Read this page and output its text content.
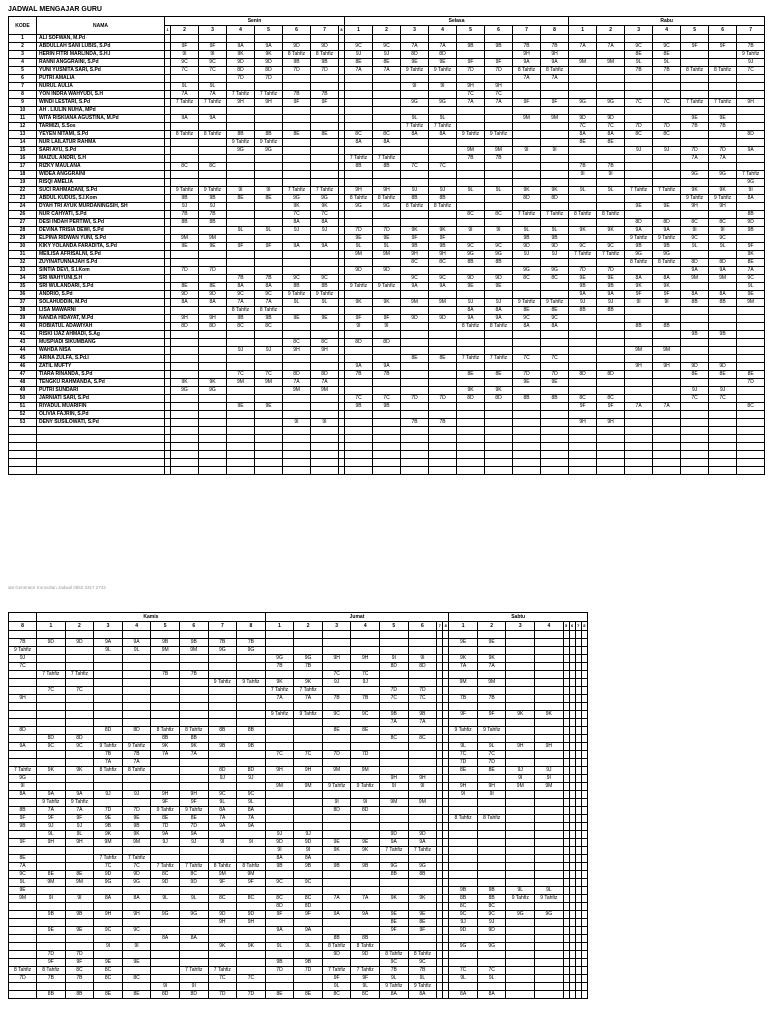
JADWAL MENGAJAR GURU
KODE	NAMA	Senin								Selasa								Rabu						
		1	2	3	4	5	6	7	8	1	2	3	4	5	6	7	8	1	2	3	4	5	6	7
1	ALI SOFWAN, M.Pd																							
2	ABDULLAH SANI LUBIS, S.Pd		9F	9F	9A	9A	9D	9D		9C	9C	7A	7A	9B	9B	7B	7B	7A	7A	9C	9C	9F	9F	7B
3	HERIN FITRI MARLINDA, S.H.I		9I	9I	9K	9K	8 Tahfiz	8 Tahfiz		9J	9J	8D	8D			9H	9H			8E	8E			9 Tahfiz
4	RANNI ANGGRAINI, S.Pd		9C	9C	9D	9D	9B	9B		8E	8E	9E	9E	9F	9F	9A	9A	9M	9M	9L	9L			9J
5	YUNI YUSNITA SARI, S.Pd		7C	7C	8D	8D	7D	7D		7A	7A	9 Tahfiz	9 Tahfiz	7D	7D	8 Tahfiz	8 Tahfiz			7B	7B	8 Tahfiz	8 Tahfiz	7C
6	PUTRI AMALIA				7D	7D										7A	7A							
7	NURUL AULIA		9L	9L								9I	9I	9H	9H									
8	YON INDRA WAHYUDI, S.H		7A	7A	7 Tahfiz	7 Tahfiz	7B	7B						7C	7C									
9	WINDI LESTARI, S.Pd		7 Tahfiz	7 Tahfiz	9H	9H	9F	9F				9G	9G	7A	7A	9F	9F	9G	9G	7C	7C	7 Tahfiz	7 Tahfiz	9H
10	AH . LIULIN NUHA, MPd																							
11	WITA RISKIANA AGUSTINA, M.Pd		9A	9A								9L	9L			9M	9M	9D	9D			9E	9E	
12	TARMIZI, S.Sos											7 Tahfiz	7 Tahfiz					7C	7C	7D	7D	7B	7B	
13	YEYEN NITAMI, S.Pd		8 Tahfiz	8 Tahfiz	8B	8B	8E	8E		8C	8C	8A	8A	9 Tahfiz	9 Tahfiz			8A	8A	8C	8C			8D
14	NUR LAILATUR RAHMA				9 Tahfiz	9 Tahfiz				8A	8A							8E	8E					
15	SARI AYU, S.Pd				9G	9G								9M	9M	9I	9I			9J	9J	7D	7D	9A
16	MAIZUL ANDRI, S.H									7 Tahfiz	7 Tahfiz			7B	7B							7A	7A	
17	RIZKY MAULANA		8C	8C						8B	8B	7C	7C					7B	7B					
18	WIDEA ANGGRAINI																	9I	9I			9G	9G	7 Tahfiz
19	RISQI AMELIA																							9G
22	SUCI RAHMADANI, S.Pd		9 Tahfiz	9 Tahfiz	9I	9I	7 Tahfiz	7 Tahfiz		9H	9H	9J	9J	9L	9L	9K	9K	9L	9L	7 Tahfiz	7 Tahfiz	9K	9K	9I
23	ABDUL KUDUS, S.I.Kom		9B	9B	8E	8E	9G	9G		8 Tahfiz	8 Tahfiz	8B	8B			8D	8D					9 Tahfiz	9 Tahfiz	8A
24	DYAH TRI AYUK MURDANINGSIH, SH		9J	9J			9K	9K		9G	9G	8 Tahfiz	8 Tahfiz							9E	9E	9H	9H	
26	NUR CAHYATI, S.Pd		7B	7B			7C	7C						8C	8C	7 Tahfiz	7 Tahfiz	8 Tahfiz	8 Tahfiz					8B
27	DESI INDAH PERTIWI, S.Pd		8B	8B			8A	8A												8D	8D	8C	8C	9D
28	DEVINA TRISIA DEWI, S.Pd				9L	9L	9J	9J		7D	7D	9K	9K	9I	9I	9L	9L	9K	9K	9A	9A	9I	9I	9B
29	ELPINA RIDWAN YUNI, S.Pd		9M	9M						9E	9E	9F	9F			9B	9B			9 Tahfiz	9 Tahfiz	9C	9C	
30	KIKY YOLANDA FARADITA, S.Pd		9E	9E	9F	9F	9A	9A		9L	9L	9B	9B	9C	9C	9D	9D	9C	9C	9B	9B	9L	9L	9F
31	MEILISA AFRISALNI, S.Pd									9M	9M	9H	9H	9G	9G	9J	9J	7 Tahfiz	7 Tahfiz	9G	9G			9K
32	ZUYINATUNNAJAH S.Pd											8C	8C	8B	8B					8 Tahfiz	8 Tahfiz	8D	8D	8E
33	SINTIA DEVI, S.I.Kom		7D	7D						9D	9D					9G	9G	7D	7D			9A	9A	7A
34	SRI WAHYUNI,S.H				7B	7B	9C	9C				9C	9C	9D	9D	8C	8C	9E	9E	8A	8A	9M	9M	9C
35	SRI WULANDARI, S.Pd		8E	8E	8A	8A	8B	8B		9 Tahfiz	9 Tahfiz	9A	9A	9E	9E			9B	9B	9K	9K			9L
36	ANDRIO, S.Pd		9D	9D	9C	9C	9 Tahfiz	9 Tahfiz										9A	9A	9F	9F	8A	8A	9E
37	SOLAHUDDIN, M.Pd		8A	8A	7A	7A	9L	9L		9K	9K	9M	9M	9J	9J	9 Tahfiz	9 Tahfiz	9J	9J	9I	9I	8B	8B	9M
38	LISA MAWARNI				8 Tahfiz	8 Tahfiz								8A	8A	8E	8E	8B	8B					
39	NANDA HIDAYAT, M.Pd		9H	9H	9B	9B	9E	9E		9F	9F	9D	9D	9A	9A	9C	9C							
40	ROBIATUL ADAWIYAH		8D	8D	8C	8C				9I	9I			8 Tahfiz	8 Tahfiz	8A	8A			8B	8B			
41	RISKI IJAZ AHMADI, S.Ag																					9B	9B	
43	MUSPIADI SIKUMBANG						8C	8C		8D	8D													
44	WAHDA NISA				9J	9J	9H	9H												9M	9M			
45	ARINA ZULFA, S.Pd.I											8E	8E	7 Tahfiz	7 Tahfiz	7C	7C							
46	ZATIL MUFTY									9A	9A									9H	9H	9D	9D	
47	TIARA RINANDA, S.Pd				7C	7C	8D	8D		7B	7B			8E	8E	7D	7D	8D	8D			8E	8E	8E
48	TENGKU RAHMANDA, S.Pd		9K	9K	9M	9M	7A	7A								9E	9E							7D
49	PUTRI SUNDARI		9G	9G			9M	9M						9K	9K							9J	9J	
50	JARNIATI SARI, S.Pd									7C	7C	7D	7D	8D	8D	8B	8B	8C	8C			7C	7C	
51	RIYADUL MUARIFIN				9E	9E				9B	9B							9F	9F	7A	7A			8C
52	OLIVIA FAJRIN, S.Pd																							
53	DENY SUSILOWATI, S.Pd						9I	9I				7B	7B					9H	9H					

ala Generator Konsultan Jadwal 0852 3317 2742
	Kamis								Jumat								Sabtu							
8	1	2	3	4	5	6	7	8	1	2	3	4	5	6	7	8	1	2	3	4	5	6	7	8

7B	9D	9D	9A	9A	9B	9B	7B	7B									9E	9E						
9 Tahfiz			9L	9L	9M	9M	9G	9G																
9J									9G	9G	9H	9H	9I	9I			9K	9K						
7C									7B	7B			8D	8D			7A	7A						
	7 Tahfiz	7 Tahfiz			7B	7B					7C	7C												
							9 Tahfiz	9 Tahfiz	9K	9K	9J	9J					9M	9M						
	7C	7C							7 Tahfiz	7 Tahfiz			7D	7D										
9H									7A	7A	7B	7B	7C	7C			7B	7B						

									9 Tahfiz	9 Tahfiz	9C	9C	9B	9B			9F	9F	9K	9K				
													7A	7A										
8D			8D	8D	8 Tahfiz	8 Tahfiz	8B	8B			8E	8E					9 Tahfiz	9 Tahfiz						
	8D	8D			8B	8B							8C	8C										
9A	9C	9C	9 Tahfiz	9 Tahfiz	9K	9K	9B	9B									9L	9L	9H	9H				
			7B	7B	7A	7A			7C	7C	7D	7D					7C	7C						
			7A	7A													7D	7D						
7 Tahfiz	9K	9K	8 Tahfiz	8 Tahfiz			8D	8D	9H	9H	9M	9M					8E	8E	9J	9J				
9G							9J	9J					9H	9H					9I	9I				
9I									9M	9M	9 Tahfiz	9 Tahfiz	9I	9I			9H	9H	9M	9M				
8A	9A	9A	9J	9J	9H	9H	9C	9C									9I	9I						
	9 Tahfiz	9 Tahfiz			9F	9F	9L	9L			9I	9I	9M	9M										
8B	7A	7A	7D	7D	9 Tahfiz	9 Tahfiz	8A	8A			8D	8D												
9F	9F	9F	9E	9E	8E	8E	7A	7A									8 Tahfiz	8 Tahfiz						
9B	9J	9J	9B	9B	7D	7D	9A	9A																
	9L	9L	9K	9K	9A	9A			9J	9J			9D	9D										
9F	9H	9H	9M	9M	9J	9J	9I	9I	9D	9D	9E	9E	9A	9A										
									9I	9I	9K	9K	7 Tahfiz	7 Tahfiz										
8E			7 Tahfiz	7 Tahfiz					8A	8A														
7A			7C	7C	7 Tahfiz	7 Tahfiz	8 Tahfiz	8 Tahfiz	9B	9B	9B	9B	9G	9G										
9C	8E	8E	9D	9D	8C	8C	9M	9M					8B	8B										
9L	9M	9M	9G	9G	9D	9D	9F	9F	9C	9C														
9E																	9B	9B	9L	9L				
9M	9I	9I	8A	8A	9L	9L	8C	8C	8C	8C	7A	7A	9K	9K			8B	8B	9 Tahfiz	9 Tahfiz				
									8D	8D							8C	8C						
	9B	9B	9H	9H	9G	9G	9D	9D	9F	9F	9A	9A	9E	9E			9C	9C	9G	9G				
							9H	9H					8E	8E			9J	9J						
	9E	9E	9C	9C					9A	9A			9F	9F			9D	9D						
					8A	8A					8B	8B												
			9I	9I			9K	9K	9L	9L	8 Tahfiz	8 Tahfiz					9G	9G						
	7D	7D									9D	9D	8 Tahfiz	8 Tahfiz										
	9F	9F	9E	9E					9B	9B			9C	9C										
8 Tahfiz	8 Tahfiz	8C	8C			7 Tahfiz	7 Tahfiz		7D	7D	7 Tahfiz	7 Tahfiz	7B	7B			7C	7C						
7D	7B	7B	8C	8C			7C	7C			9F	9F	9L	9L			9L	9L						
					9I	9I					9L	9L	9 Tahfiz	9 Tahfiz										
	8B	8B	8E	8E	8D	8D	7D	7D	8E	8E	8C	8C	8A	8A			8A	8A						
